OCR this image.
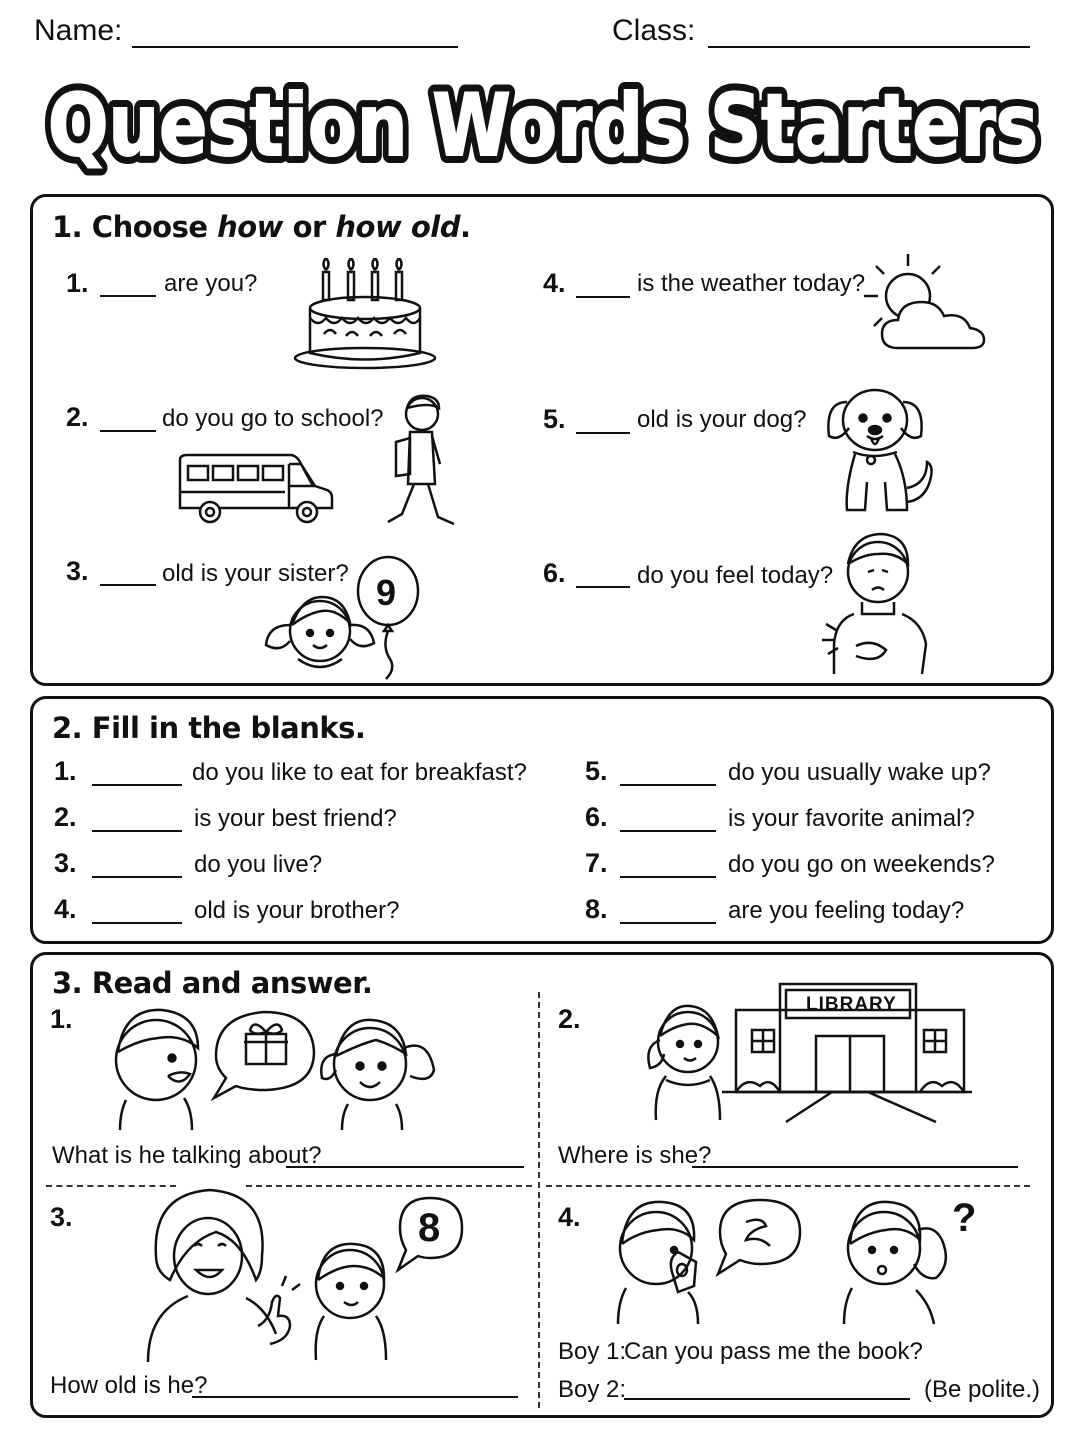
Name:	Class:
Question Words Starters
Question Words Starters
1. Choose how or how old.
1.	are you?
2.	do you go to school?
3.	old is your sister?
4.	is the weather today?
5.	old is your dog?
6.	do you feel today?
9
2. Fill in the blanks.
1.	do you like to eat for breakfast?
2.	is your best friend?
3.	do you live?
4.	old is your brother?
5.	do you usually wake up?
6.	is your favorite animal?
7.	do you go on weekends?
8.	are you feeling today?
3. Read and answer.
1.
What is he talking about?
2.	LIBRARY
Where is she?
3.	8
How old is he?
4.	?
Boy 1:
Can you pass me the book?
Boy 2:	(Be polite.)
